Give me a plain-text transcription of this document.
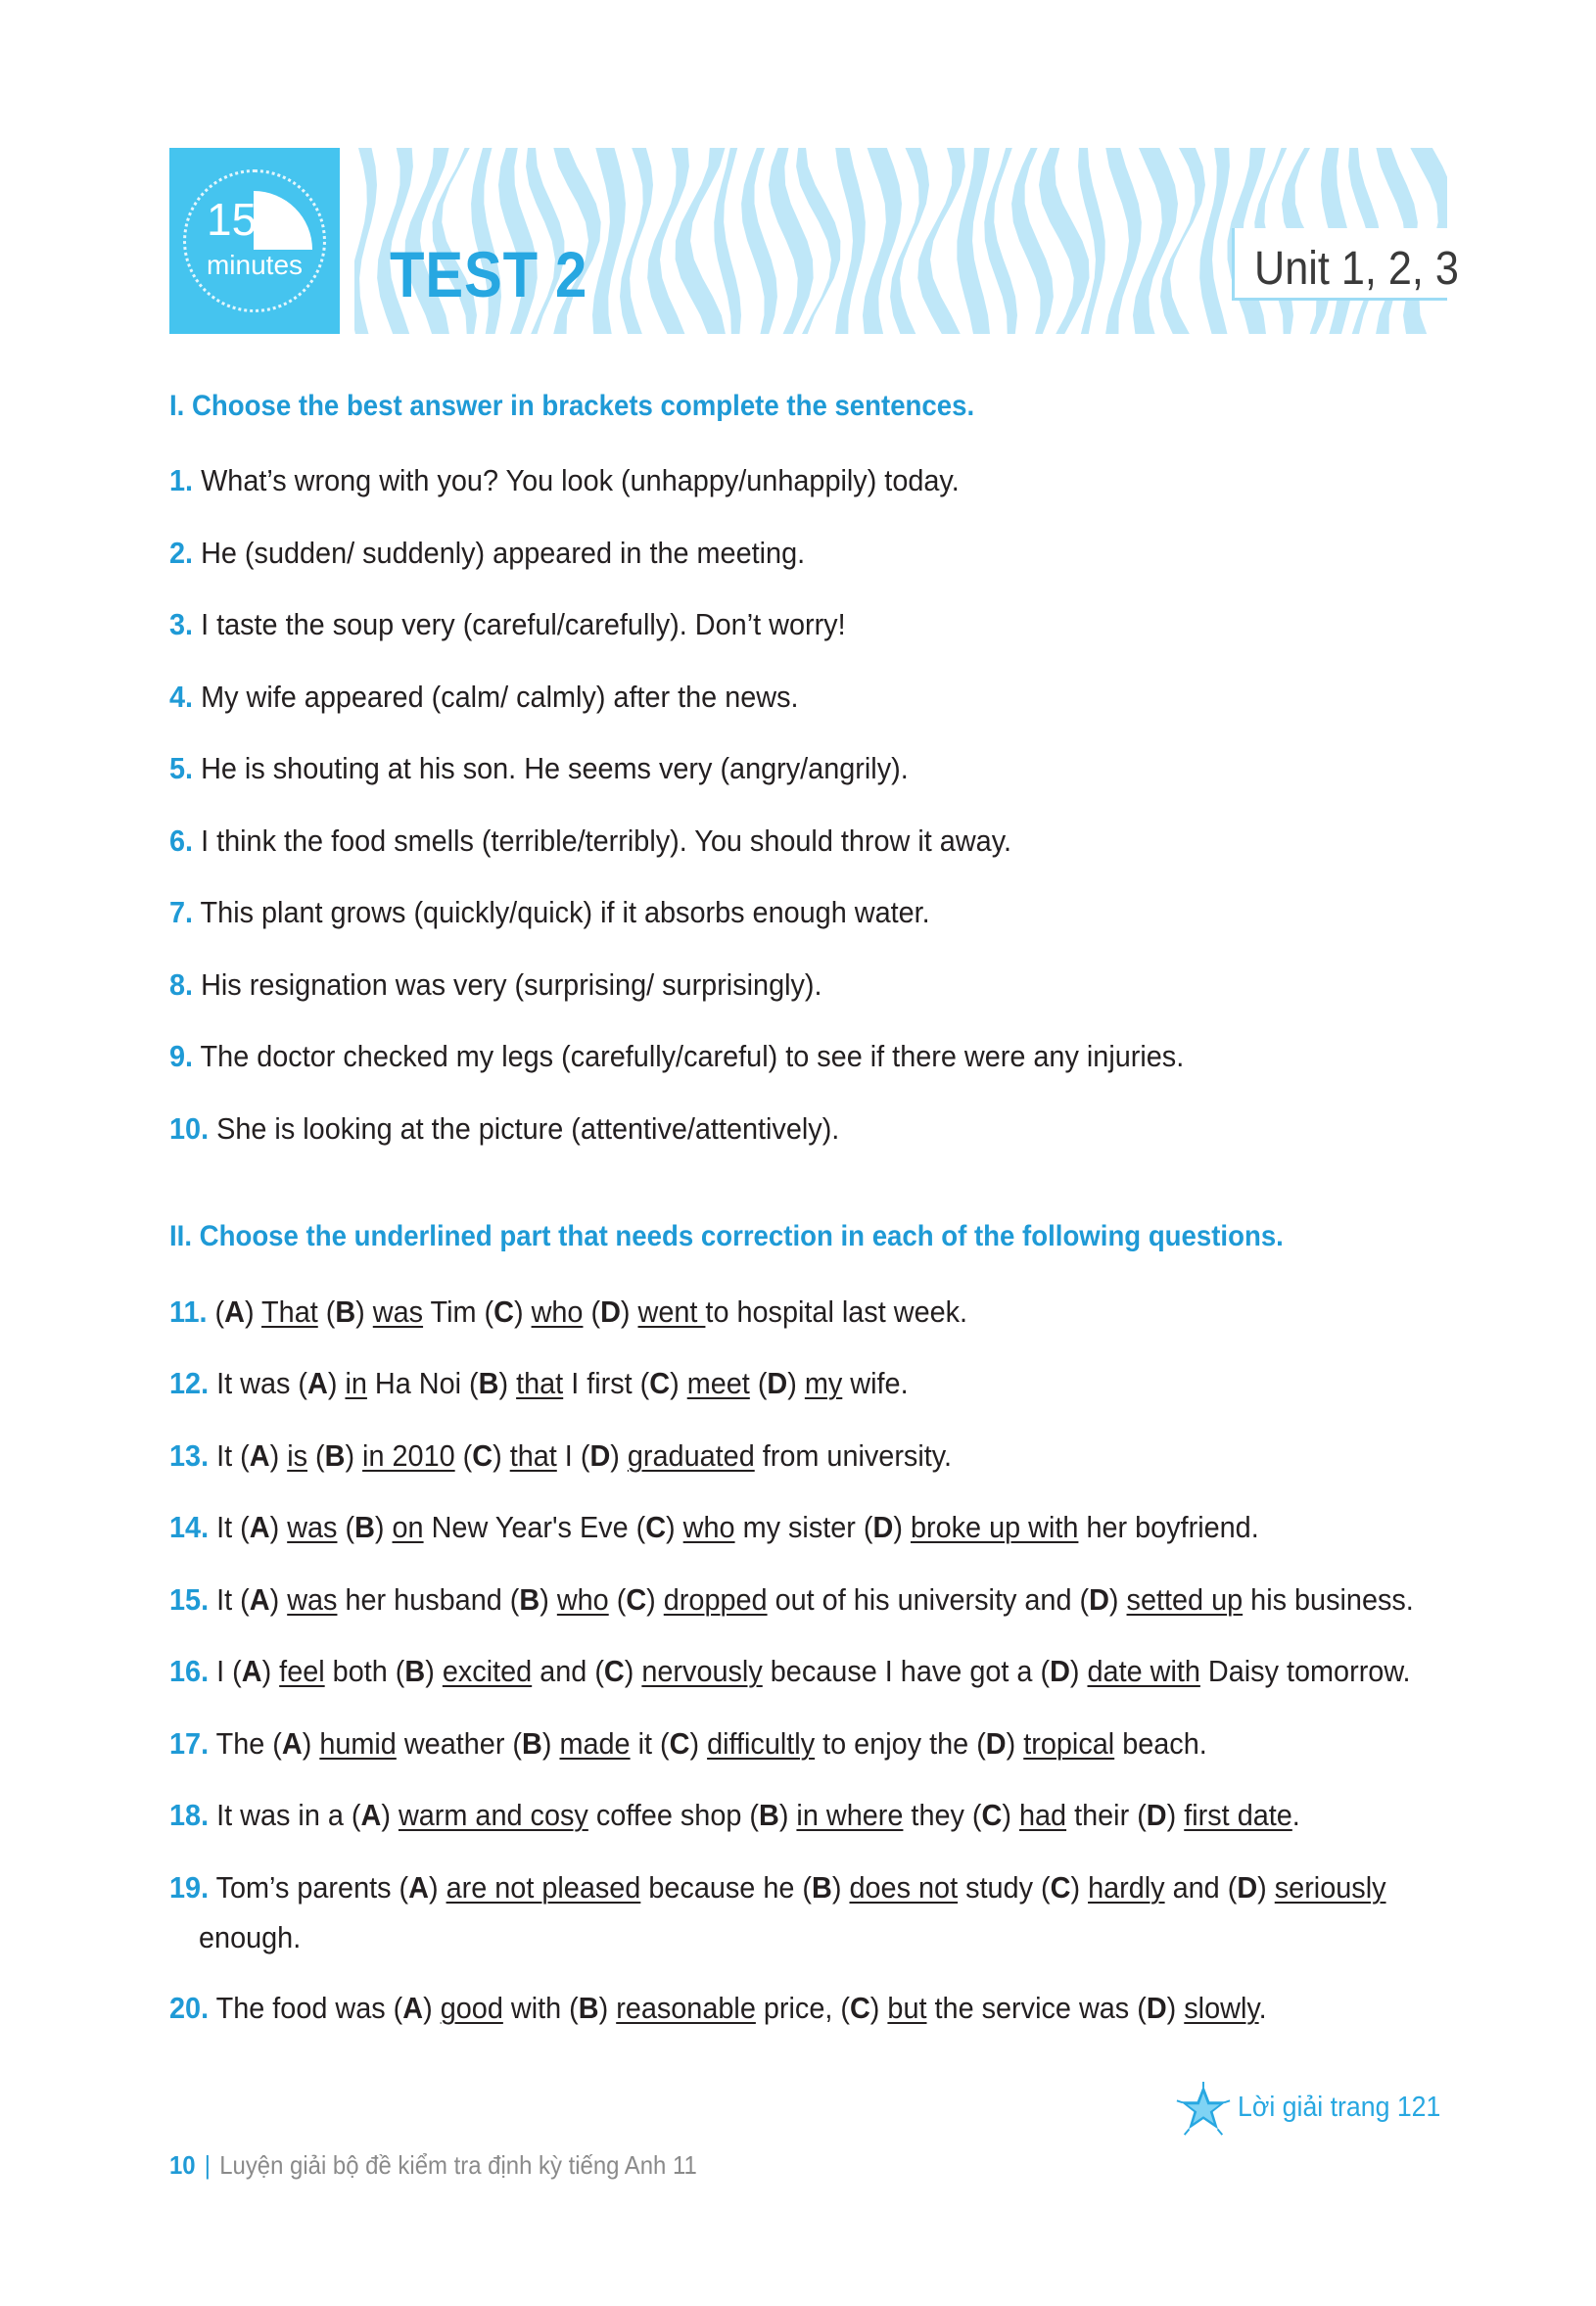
15
minutes	TEST 2	Unit 1, 2, 3
I. Choose the best answer in brackets complete the sentences.
1. What’s wrong with you? You look (unhappy/unhappily) today.
2. He (sudden/ suddenly) appeared in the meeting.
3. I taste the soup very (careful/carefully). Don’t worry!
4. My wife appeared (calm/ calmly) after the news.
5. He is shouting at his son. He seems very (angry/angrily).
6. I think the food smells (terrible/terribly). You should throw it away.
7. This plant grows (quickly/quick) if it absorbs enough water.
8. His resignation was very (surprising/ surprisingly).
9. The doctor checked my legs (carefully/careful) to see if there were any injuries.
10. She is looking at the picture (attentive/attentively).
II. Choose the underlined part that needs correction in each of the following questions.
11. (A) That (B) was Tim (C) who (D) went to hospital last week.
12. It was (A) in Ha Noi (B) that I first (C) meet (D) my wife.
13. It (A) is (B) in 2010 (C) that I (D) graduated from university.
14. It (A) was (B) on New Year's Eve (C) who my sister (D) broke up with her boyfriend.
15. It (A) was her husband (B) who (C) dropped out of his university and (D) setted up his business.
16. I (A) feel both (B) excited and (C) nervously because I have got a (D) date with Daisy tomorrow.
17. The (A) humid weather (B) made it (C) difficultly to enjoy the (D) tropical beach.
18. It was in a (A) warm and cosy coffee shop (B) in where they (C) had their (D) first date.
19. Tom’s parents (A) are not pleased because he (B) does not study (C) hardly and (D) seriously
enough.
20. The food was (A) good with (B) reasonable price, (C) but the service was (D) slowly.
Lời giải trang 121
10 | Luyện giải bộ đề kiểm tra định kỳ tiếng Anh 11
